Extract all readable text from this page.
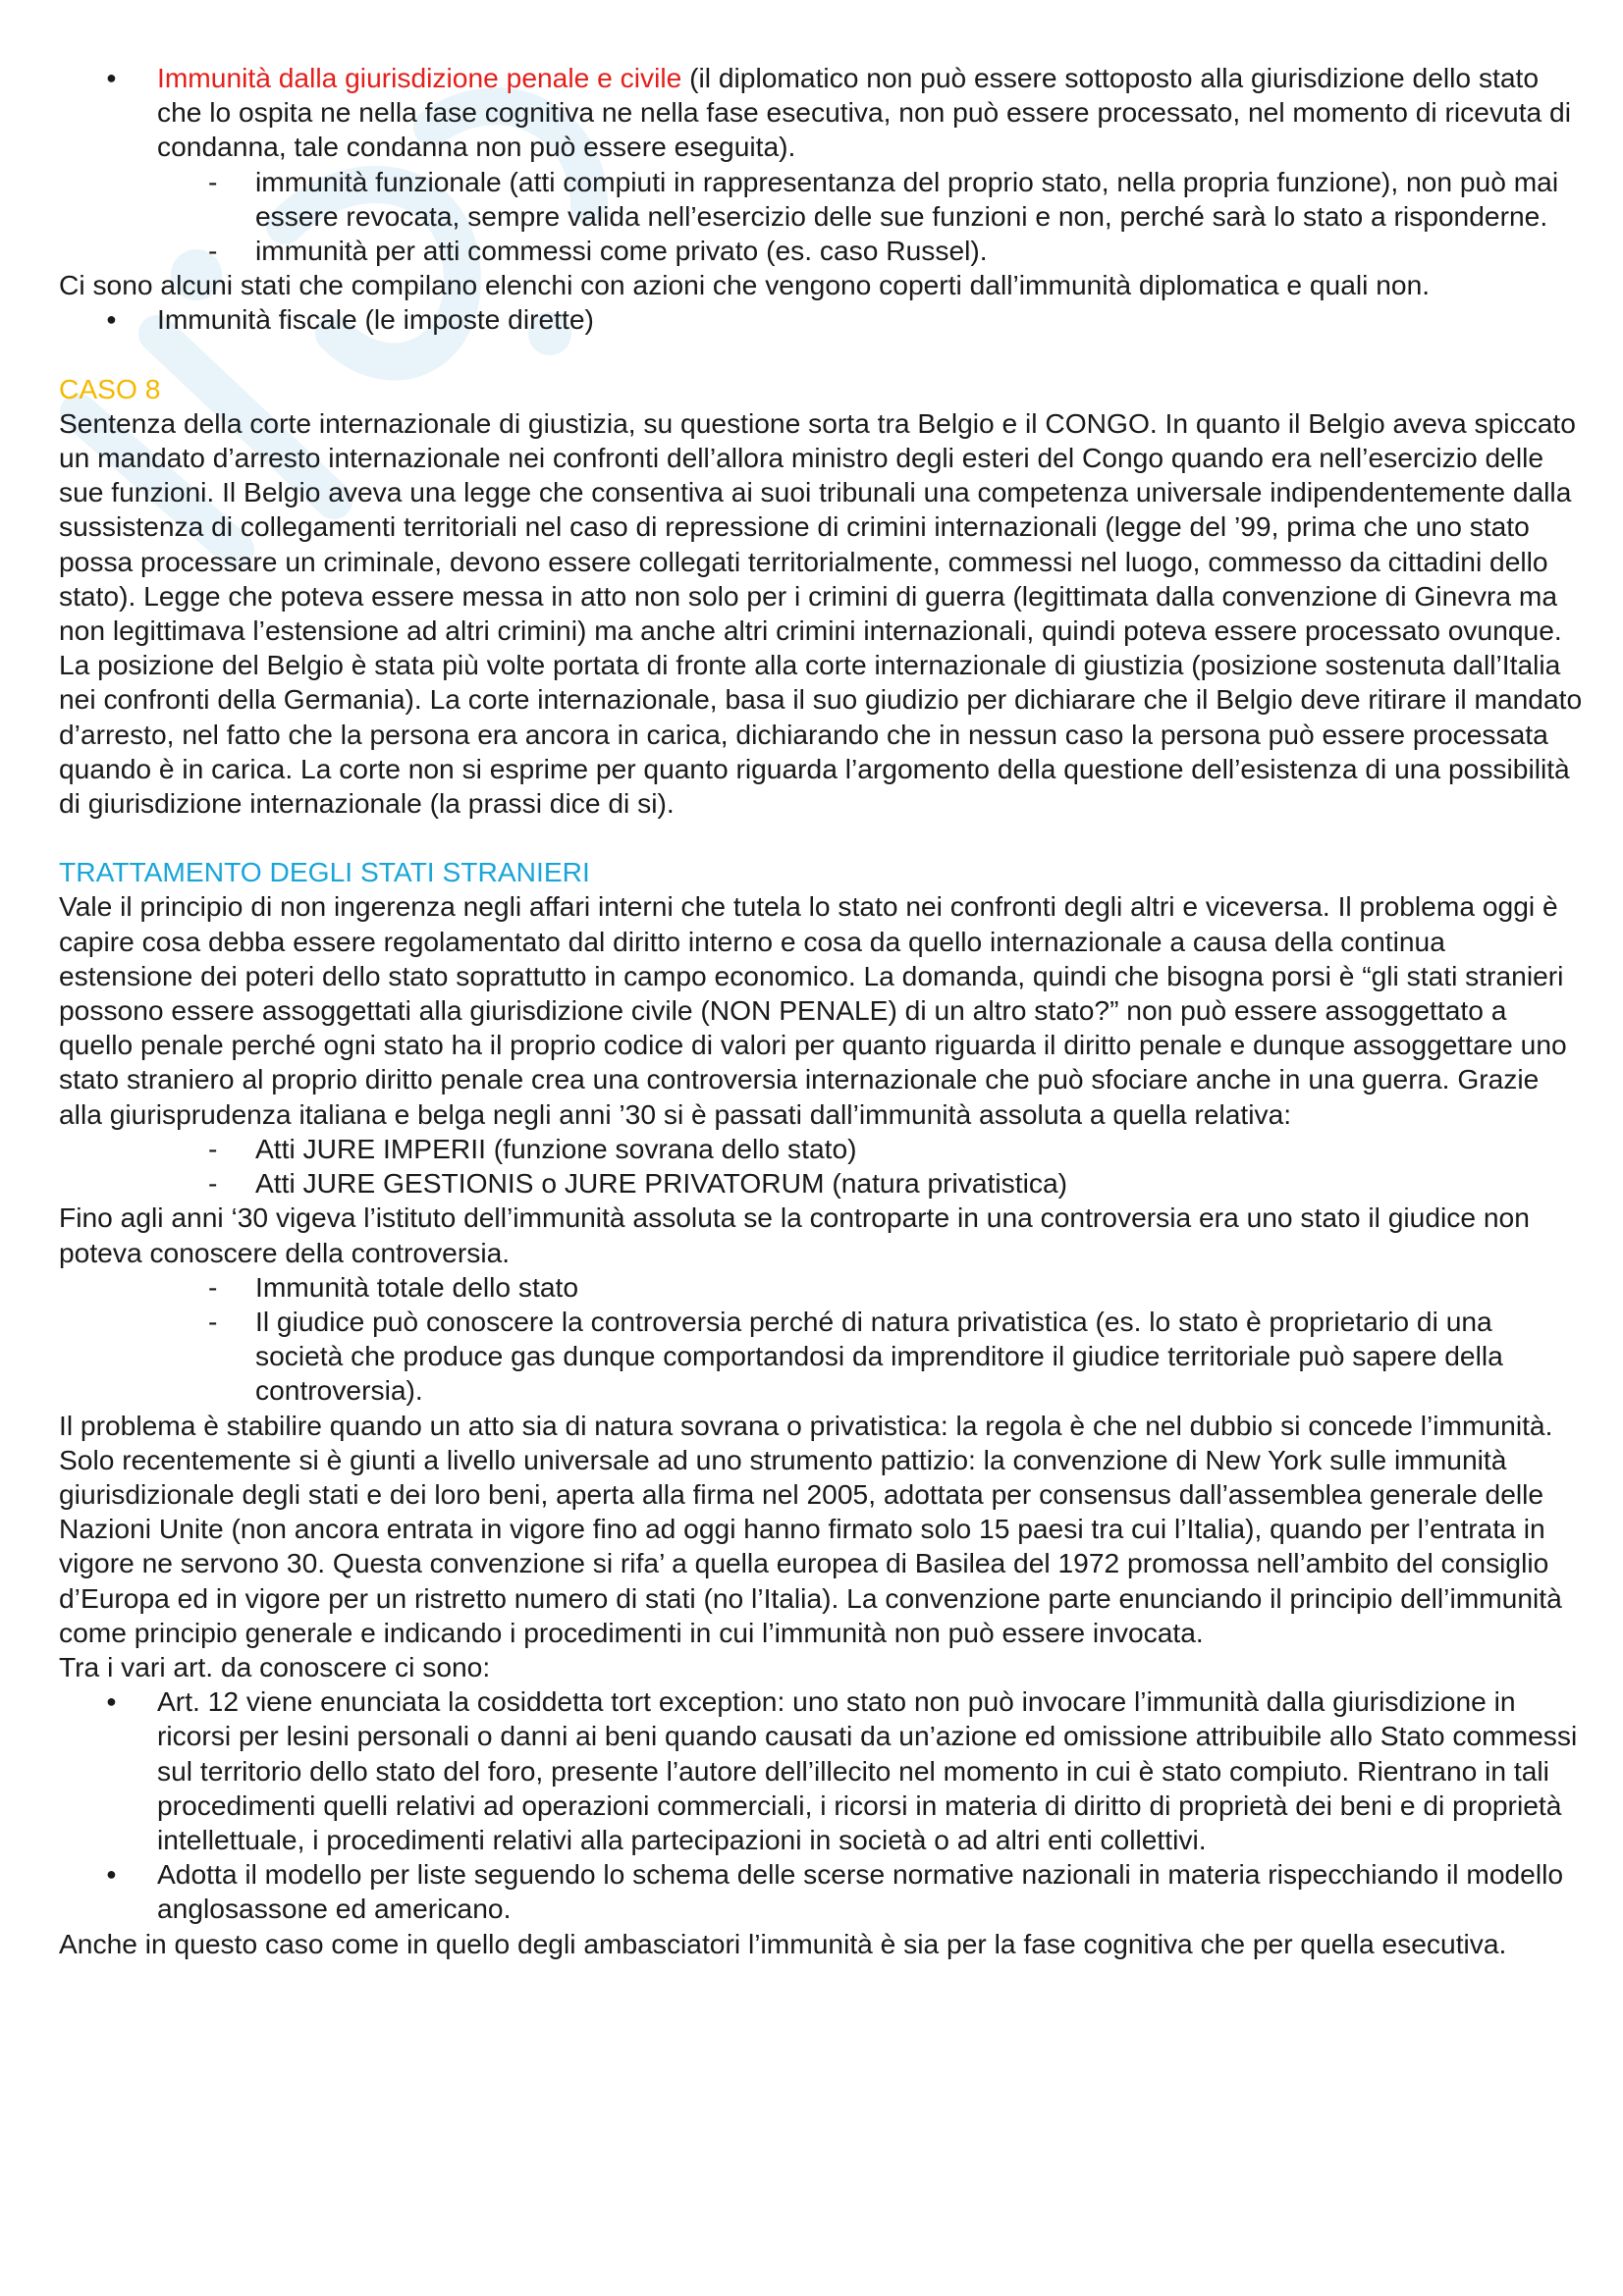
● Immunità dalla giurisdizione penale e civile (il diplomatico non può essere sottoposto alla giurisdizione dello stato che lo ospita ne nella fase cognitiva ne nella fase esecutiva, non può essere processato, nel momento di ricevuta di condanna, tale condanna non può essere eseguita).

- immunità funzionale (atti compiuti in rappresentanza del proprio stato, nella propria funzione), non può mai essere revocata, sempre valida nell’esercizio delle sue funzioni e non, perché sarà lo stato a risponderne.

- immunità per atti commessi come privato (es. caso Russel).

Ci sono alcuni stati che compilano elenchi con azioni che vengono coperti dall’immunità diplomatica e quali non.

● Immunità fiscale (le imposte dirette)

CASO 8

Sentenza della corte internazionale di giustizia, su questione sorta tra Belgio e il CONGO. In quanto il Belgio aveva spiccato un mandato d’arresto internazionale nei confronti dell’allora ministro degli esteri del Congo quando era nell’esercizio delle sue funzioni. Il Belgio aveva una legge che consentiva ai suoi tribunali una competenza universale indipendentemente dalla sussistenza di collegamenti territoriali nel caso di repressione di crimini internazionali (legge del ’99, prima che uno stato possa processare un criminale, devono essere collegati territorialmente, commessi nel luogo, commesso da cittadini dello stato). Legge che poteva essere messa in atto non solo per i crimini di guerra (legittimata dalla convenzione di Ginevra ma non legittimava l’estensione ad altri crimini) ma anche altri crimini internazionali, quindi poteva essere processato ovunque. La posizione del Belgio è stata più volte portata di fronte alla corte internazionale di giustizia (posizione sostenuta dall’Italia nei confronti della Germania). La corte internazionale, basa il suo giudizio per dichiarare che il Belgio deve ritirare il mandato d’arresto, nel fatto che la persona era ancora in carica, dichiarando che in nessun caso la persona può essere processata quando è in carica. La corte non si esprime per quanto riguarda l’argomento della questione dell’esistenza di una possibilità di giurisdizione internazionale (la prassi dice di si).

TRATTAMENTO DEGLI STATI STRANIERI

Vale il principio di non ingerenza negli affari interni che tutela lo stato nei confronti degli altri e viceversa. Il problema oggi è capire cosa debba essere regolamentato dal diritto interno e cosa da quello internazionale a causa della continua estensione dei poteri dello stato soprattutto in campo economico. La domanda, quindi che bisogna porsi è “gli stati stranieri possono essere assoggettati alla giurisdizione civile (NON PENALE) di un altro stato?” non può essere assoggettato a quello penale perché ogni stato ha il proprio codice di valori per quanto riguarda il diritto penale e dunque assoggettare uno stato straniero al proprio diritto penale crea una controversia internazionale che può sfociare anche in una guerra. Grazie alla giurisprudenza italiana e belga negli anni ’30 si è passati dall’immunità assoluta a quella relativa:

- Atti JURE IMPERII (funzione sovrana dello stato)

- Atti JURE GESTIONIS o JURE PRIVATORUM (natura privatistica)

Fino agli anni ‘30 vigeva l’istituto dell’immunità assoluta se la controparte in una controversia era uno stato il giudice non poteva conoscere della controversia.

- Immunità totale dello stato

- Il giudice può conoscere la controversia perché di natura privatistica (es. lo stato è proprietario di una società che produce gas dunque comportandosi da imprenditore il giudice territoriale può sapere della controversia).

Il problema è stabilire quando un atto sia di natura sovrana o privatistica: la regola è che nel dubbio si concede l’immunità. Solo recentemente si è giunti a livello universale ad uno strumento pattizio: la convenzione di New York sulle immunità giurisdizionale degli stati e dei loro beni, aperta alla firma nel 2005, adottata per consensus dall’assemblea generale delle Nazioni Unite (non ancora entrata in vigore fino ad oggi hanno firmato solo 15 paesi tra cui l’Italia), quando per l’entrata in vigore ne servono 30. Questa convenzione si rifa’ a quella europea di Basilea del 1972 promossa nell’ambito del consiglio d’Europa ed in vigore per un ristretto numero di stati (no l’Italia). La convenzione parte enunciando il principio dell’immunità come principio generale e indicando i procedimenti in cui l’immunità non può essere invocata.

Tra i vari art. da conoscere ci sono:

● Art. 12 viene enunciata la cosiddetta tort exception: uno stato non può invocare l’immunità dalla giurisdizione in ricorsi per lesini personali o danni ai beni quando causati da un’azione ed omissione attribuibile allo Stato commessi sul territorio dello stato del foro, presente l’autore dell’illecito nel momento in cui è stato compiuto. Rientrano in tali procedimenti quelli relativi ad operazioni commerciali, i ricorsi in materia di diritto di proprietà dei beni e di proprietà intellettuale, i procedimenti relativi alla partecipazioni in società o ad altri enti collettivi.

● Adotta il modello per liste seguendo lo schema delle scerse normative nazionali in materia rispecchiando il modello anglosassone ed americano.

Anche in questo caso come in quello degli ambasciatori l’immunità è sia per la fase cognitiva che per quella esecutiva.
